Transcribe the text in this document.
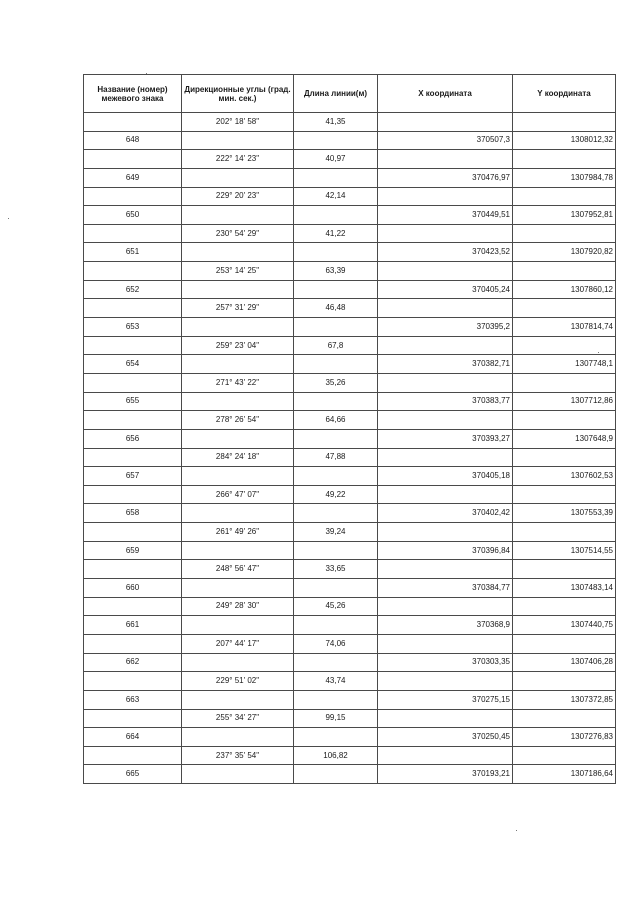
Название (номер) межевого знака	Дирекционные углы (град. мин. сек.)	Длина линии(м)	X координата	Y координата
	202° 18' 58"	41,35		
648			370507,3	1308012,32
	222° 14' 23"	40,97		
649			370476,97	1307984,78
	229° 20' 23"	42,14		
650			370449,51	1307952,81
	230° 54' 29"	41,22		
651			370423,52	1307920,82
	253° 14' 25"	63,39		
652			370405,24	1307860,12
	257° 31' 29"	46,48		
653			370395,2	1307814,74
	259° 23' 04"	67,8		
654			370382,71	1307748,1
	271° 43' 22"	35,26		
655			370383,77	1307712,86
	278° 26' 54"	64,66		
656			370393,27	1307648,9
	284° 24' 18"	47,88		
657			370405,18	1307602,53
	266° 47' 07"	49,22		
658			370402,42	1307553,39
	261° 49' 26"	39,24		
659			370396,84	1307514,55
	248° 56' 47"	33,65		
660			370384,77	1307483,14
	249° 28' 30"	45,26		
661			370368,9	1307440,75
	207° 44' 17"	74,06		
662			370303,35	1307406,28
	229° 51' 02"	43,74		
663			370275,15	1307372,85
	255° 34' 27"	99,15		
664			370250,45	1307276,83
	237° 35' 54"	106,82		
665			370193,21	1307186,64
